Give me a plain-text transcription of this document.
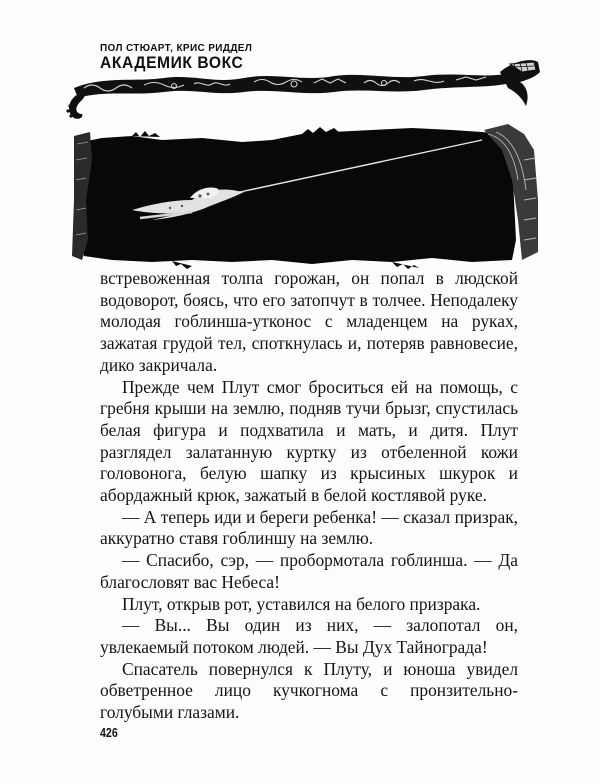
ПОЛ СТЮАРТ, КРИС РИДДЕЛ
АКАДЕМИК ВОКС

встревоженная толпа горожан, он попал в людской водоворот, боясь, что его затопчут в толчее. Неподалеку молодая гоблинша-утконос с младенцем на руках, зажатая грудой тел, споткнулась и, потеряв равновесие, дико закричала.

Прежде чем Плут смог броситься ей на помощь, с гребня крыши на землю, подняв тучи брызг, спустилась белая фигура и подхватила и мать, и дитя. Плут разглядел залатанную куртку из отбеленной кожи головонога, белую шапку из крысиных шкурок и абордажный крюк, зажатый в белой костлявой руке.

— А теперь иди и береги ребенка! — сказал призрак, аккуратно ставя гоблиншу на землю.

— Спасибо, сэр, — пробормотала гоблинша. — Да благословят вас Небеса!

Плут, открыв рот, уставился на белого призрака.

— Вы... Вы один из них, — залопотал он, увлекаемый потоком людей. — Вы Дух Тайнограда!

Спасатель повернулся к Плуту, и юноша увидел обветренное лицо кучкогнома с пронзительно-голубыми глазами.

426
